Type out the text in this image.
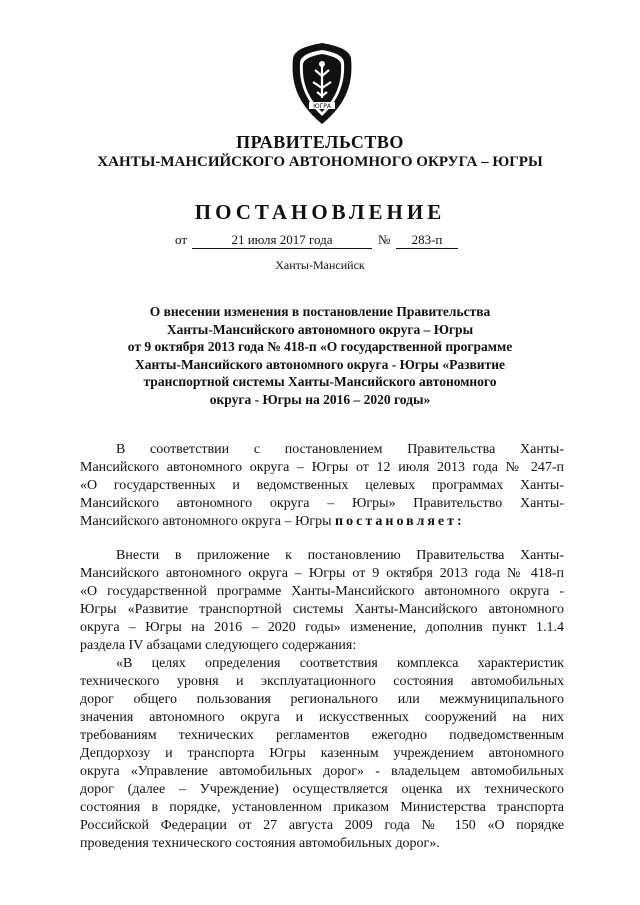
ЮГРА
ПРАВИТЕЛЬСТВО
ХАНТЫ-МАНСИЙСКОГО АВТОНОМНОГО ОКРУГА – ЮГРЫ
ПОСТАНОВЛЕНИЕ
от	21 июля 2017 года	№	283-п
Ханты-Мансийск
О внесении изменения в постановление Правительства
Ханты-Мансийского автономного округа – Югры
от 9 октября 2013 года № 418-п «О государственной программе
Ханты-Мансийского автономного округа - Югры «Развитие
транспортной системы Ханты-Мансийского автономного
округа - Югры на 2016 – 2020 годы»
В соответствии с постановлением Правительства Ханты-
Мансийского автономного округа – Югры от 12 июля 2013 года № 247-п
«О государственных и ведомственных целевых программах Ханты-
Мансийского автономного округа – Югры» Правительство Ханты-
Мансийского автономного округа – Югры постановляет:
Внести в приложение к постановлению Правительства Ханты-
Мансийского автономного округа – Югры от 9 октября 2013 года № 418-п
«О государственной программе Ханты-Мансийского автономного округа -
Югры «Развитие транспортной системы Ханты-Мансийского автономного
округа – Югры на 2016 – 2020 годы» изменение, дополнив пункт 1.1.4
раздела IV абзацами следующего содержания:
«В целях определения соответствия комплекса характеристик
технического уровня и эксплуатационного состояния автомобильных
дорог общего пользования регионального или межмуниципального
значения автономного округа и искусственных сооружений на них
требованиям технических регламентов ежегодно подведомственным
Депдорхозу и транспорта Югры казенным учреждением автономного
округа «Управление автомобильных дорог» - владельцем автомобильных
дорог (далее – Учреждение) осуществляется оценка их технического
состояния в порядке, установленном приказом Министерства транспорта
Российской Федерации от 27 августа 2009 года № 150 «О порядке
проведения технического состояния автомобильных дорог».
